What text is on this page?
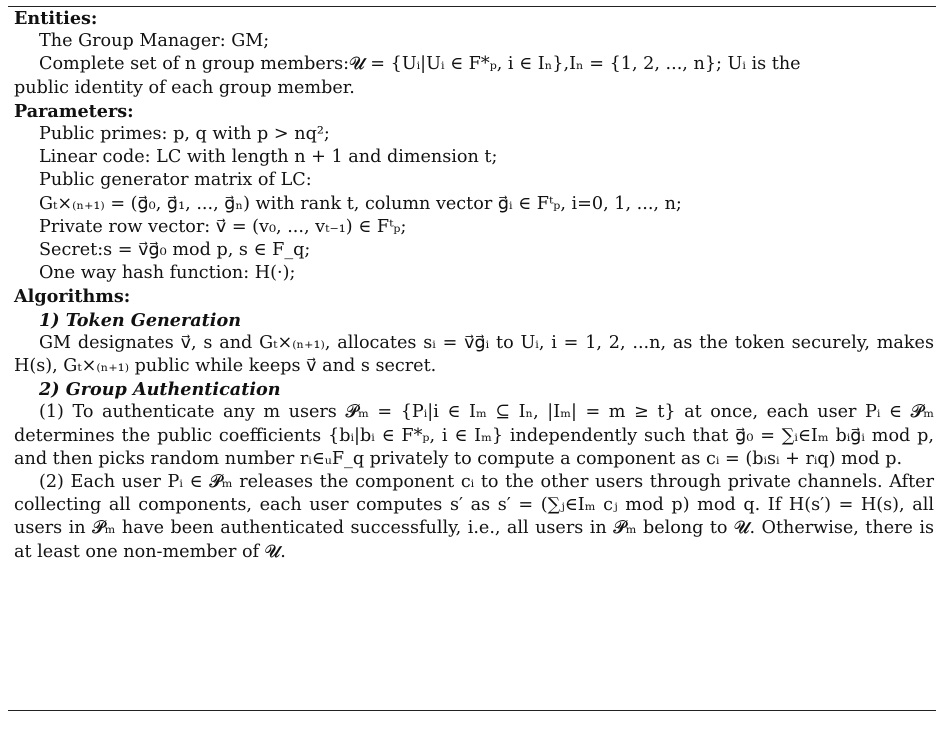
Entities:
The Group Manager: GM;
Complete set of n group members:𝓤 = {Uᵢ|Uᵢ ∈ F*ₚ, i ∈ Iₙ},Iₙ = {1, 2, ..., n}; Uᵢ is the
public identity of each group member.
Parameters:
Public primes: p, q with p > nq²;
Linear code: LC with length n + 1 and dimension t;
Public generator matrix of LC:
Gₜ×₍ₙ₊₁₎ = (g⃗₀, g⃗₁, ..., g⃗ₙ) with rank t, column vector g⃗ᵢ ∈ Fᵗₚ, i=0, 1, ..., n;
Private row vector: v⃗ = (v₀, ..., vₜ₋₁) ∈ Fᵗₚ;
Secret:s = v⃗g⃗₀ mod p, s ∈ F_q;
One way hash function: H(·);
Algorithms:
1) Token Generation

GM designates v⃗, s and Gₜ×₍ₙ₊₁₎, allocates sᵢ = v⃗g⃗ᵢ to Uᵢ, i = 1, 2, ...n, as the token securely, makes H(s), Gₜ×₍ₙ₊₁₎ public while keeps v⃗ and s secret.

2) Group Authentication

(1) To authenticate any m users 𝓟ₘ = {Pᵢ|i ∈ Iₘ ⊆ Iₙ, |Iₘ| = m ≥ t} at once, each user Pᵢ ∈ 𝓟ₘ determines the public coefficients {bᵢ|bᵢ ∈ F*ₚ, i ∈ Iₘ} independently such that g⃗₀ = ∑ᵢ∈Iₘ bᵢg⃗ᵢ mod p, and then picks random number rᵢ∈ᵤF_q privately to compute a component as cᵢ = (bᵢsᵢ + rᵢq) mod p.

(2) Each user Pᵢ ∈ 𝓟ₘ releases the component cᵢ to the other users through private channels. After collecting all components, each user computes s′ as s′ = (∑ⱼ∈Iₘ cⱼ mod p) mod q. If H(s′) = H(s), all users in 𝓟ₘ have been authenticated successfully, i.e., all users in 𝓟ₘ belong to 𝓤. Otherwise, there is at least one non-member of 𝓤.
